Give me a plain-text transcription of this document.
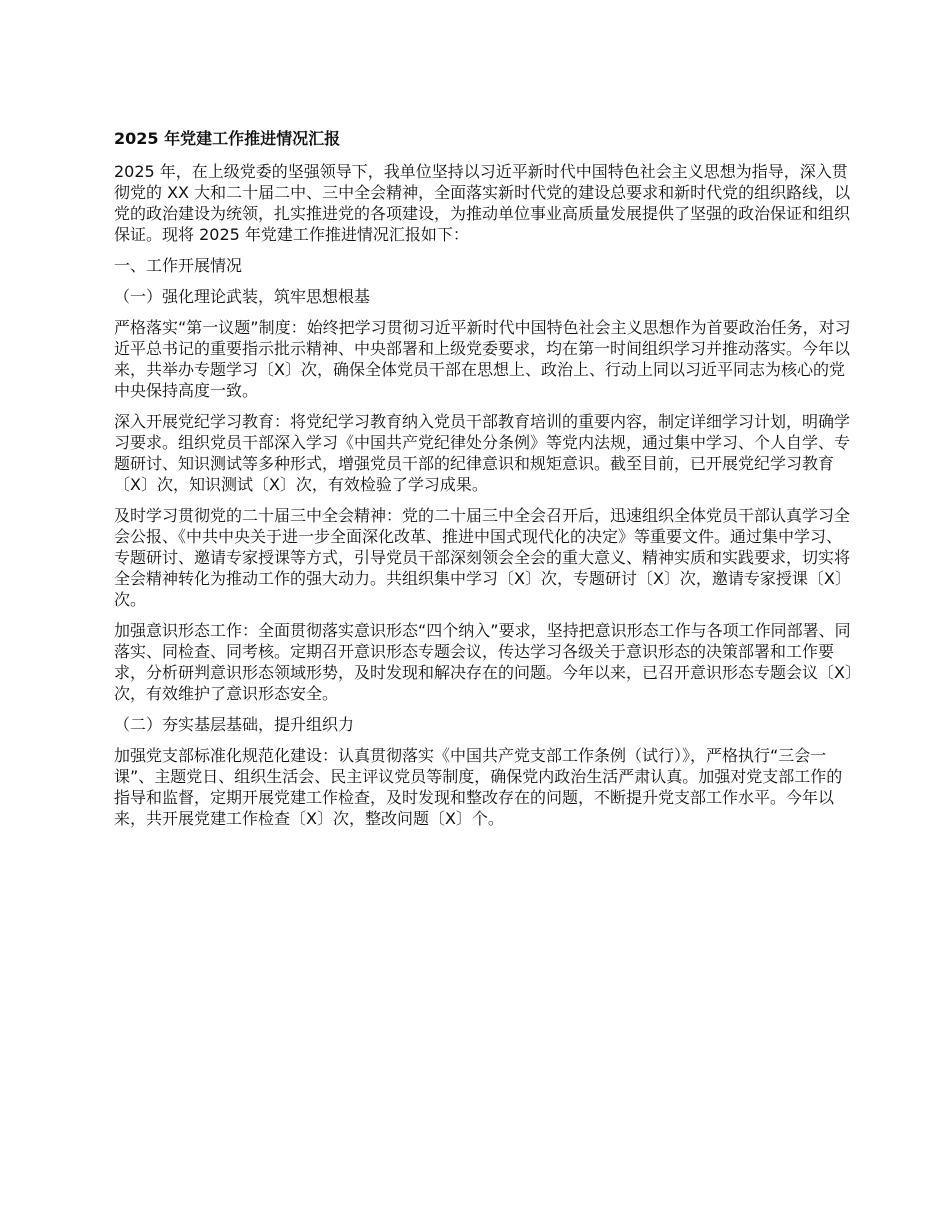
2025 年党建工作推进情况汇报

2025 年，在上级党委的坚强领导下，我单位坚持以习近平新时代中国特色社会主义思想为指导，深入贯彻党的 XX 大和二十届二中、三中全会精神，全面落实新时代党的建设总要求和新时代党的组织路线，以党的政治建设为统领，扎实推进党的各项建设，为推动单位事业高质量发展提供了坚强的政治保证和组织保证。现将 2025 年党建工作推进情况汇报如下：

一、工作开展情况

（一）强化理论武装，筑牢思想根基

严格落实“第一议题”制度：始终把学习贯彻习近平新时代中国特色社会主义思想作为首要政治任务，对习近平总书记的重要指示批示精神、中央部署和上级党委要求，均在第一时间组织学习并推动落实。今年以来，共举办专题学习〔X〕次，确保全体党员干部在思想上、政治上、行动上同以习近平同志为核心的党中央保持高度一致。

深入开展党纪学习教育：将党纪学习教育纳入党员干部教育培训的重要内容，制定详细学习计划，明确学习要求。组织党员干部深入学习《中国共产党纪律处分条例》等党内法规，通过集中学习、个人自学、专题研讨、知识测试等多种形式，增强党员干部的纪律意识和规矩意识。截至目前，已开展党纪学习教育〔X〕次，知识测试〔X〕次，有效检验了学习成果。

及时学习贯彻党的二十届三中全会精神：党的二十届三中全会召开后，迅速组织全体党员干部认真学习全会公报、《中共中央关于进一步全面深化改革、推进中国式现代化的决定》等重要文件。通过集中学习、专题研讨、邀请专家授课等方式，引导党员干部深刻领会全会的重大意义、精神实质和实践要求，切实将全会精神转化为推动工作的强大动力。共组织集中学习〔X〕次，专题研讨〔X〕次，邀请专家授课〔X〕次。

加强意识形态工作：全面贯彻落实意识形态“四个纳入”要求，坚持把意识形态工作与各项工作同部署、同落实、同检查、同考核。定期召开意识形态专题会议，传达学习各级关于意识形态的决策部署和工作要求，分析研判意识形态领域形势，及时发现和解决存在的问题。今年以来，已召开意识形态专题会议〔X〕次，有效维护了意识形态安全。

（二）夯实基层基础，提升组织力

加强党支部标准化规范化建设：认真贯彻落实《中国共产党支部工作条例（试行）》，严格执行“三会一课”、主题党日、组织生活会、民主评议党员等制度，确保党内政治生活严肃认真。加强对党支部工作的指导和监督，定期开展党建工作检查，及时发现和整改存在的问题，不断提升党支部工作水平。今年以来，共开展党建工作检查〔X〕次，整改问题〔X〕个。
